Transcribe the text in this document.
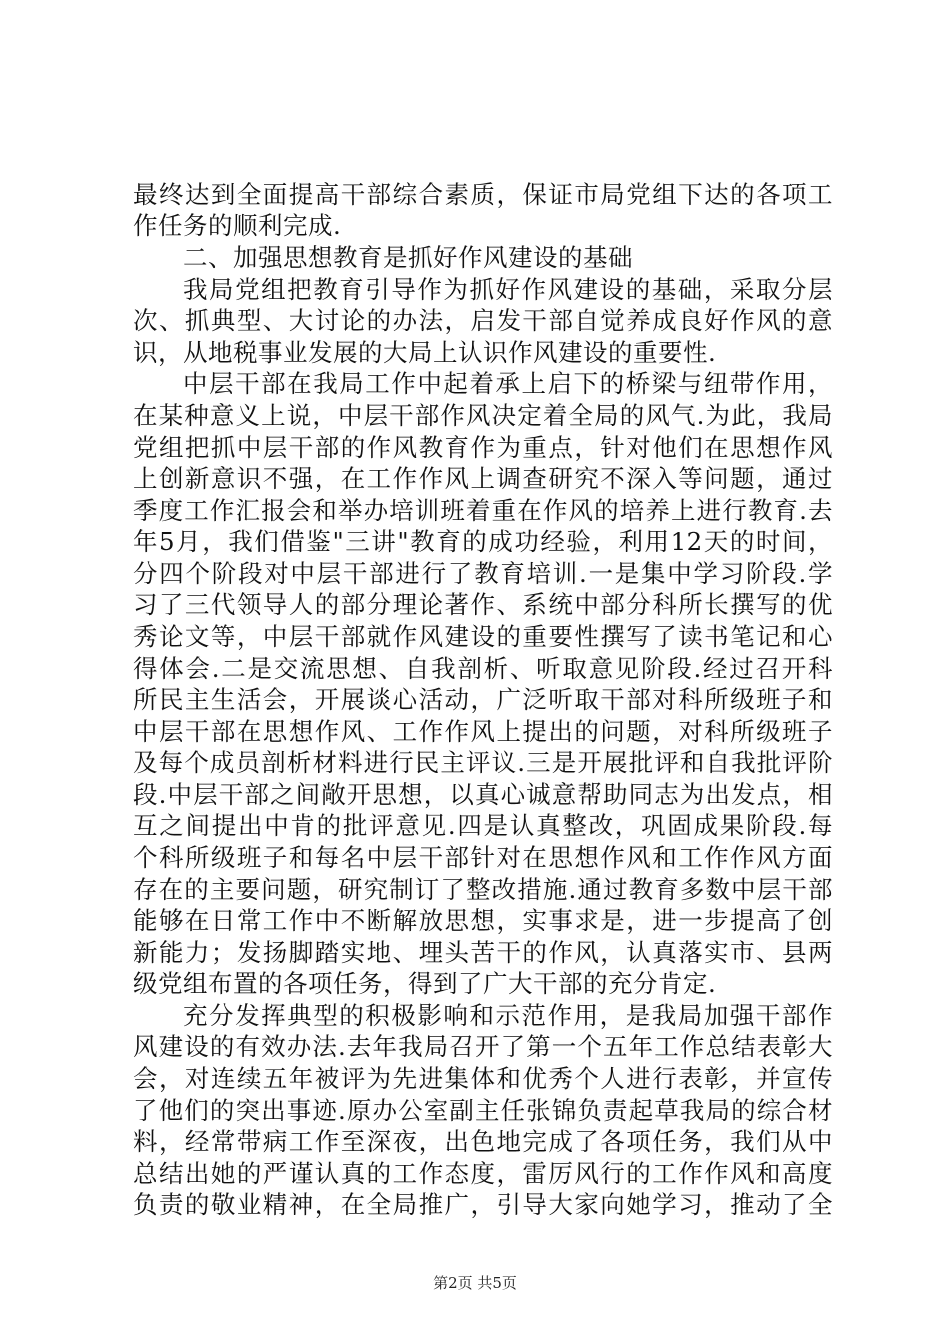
最终达到全面提高干部综合素质，保证市局党组下达的各项工
作任务的顺利完成.
二、加强思想教育是抓好作风建设的基础
我局党组把教育引导作为抓好作风建设的基础，采取分层
次、抓典型、大讨论的办法，启发干部自觉养成良好作风的意
识，从地税事业发展的大局上认识作风建设的重要性.
中层干部在我局工作中起着承上启下的桥梁与纽带作用，
在某种意义上说，中层干部作风决定着全局的风气.为此，我局
党组把抓中层干部的作风教育作为重点，针对他们在思想作风
上创新意识不强，在工作作风上调查研究不深入等问题，通过
季度工作汇报会和举办培训班着重在作风的培养上进行教育.去
年5月，我们借鉴"三讲"教育的成功经验，利用12天的时间，
分四个阶段对中层干部进行了教育培训.一是集中学习阶段.学
习了三代领导人的部分理论著作、系统中部分科所长撰写的优
秀论文等，中层干部就作风建设的重要性撰写了读书笔记和心
得体会.二是交流思想、自我剖析、听取意见阶段.经过召开科
所民主生活会，开展谈心活动，广泛听取干部对科所级班子和
中层干部在思想作风、工作作风上提出的问题，对科所级班子
及每个成员剖析材料进行民主评议.三是开展批评和自我批评阶
段.中层干部之间敞开思想，以真心诚意帮助同志为出发点，相
互之间提出中肯的批评意见.四是认真整改，巩固成果阶段.每
个科所级班子和每名中层干部针对在思想作风和工作作风方面
存在的主要问题，研究制订了整改措施.通过教育多数中层干部
能够在日常工作中不断解放思想，实事求是，进一步提高了创
新能力；发扬脚踏实地、埋头苦干的作风，认真落实市、县两
级党组布置的各项任务，得到了广大干部的充分肯定.
充分发挥典型的积极影响和示范作用，是我局加强干部作
风建设的有效办法.去年我局召开了第一个五年工作总结表彰大
会，对连续五年被评为先进集体和优秀个人进行表彰，并宣传
了他们的突出事迹.原办公室副主任张锦负责起草我局的综合材
料，经常带病工作至深夜，出色地完成了各项任务，我们从中
总结出她的严谨认真的工作态度，雷厉风行的工作作风和高度
负责的敬业精神，在全局推广，引导大家向她学习，推动了全
第2页 共5页
